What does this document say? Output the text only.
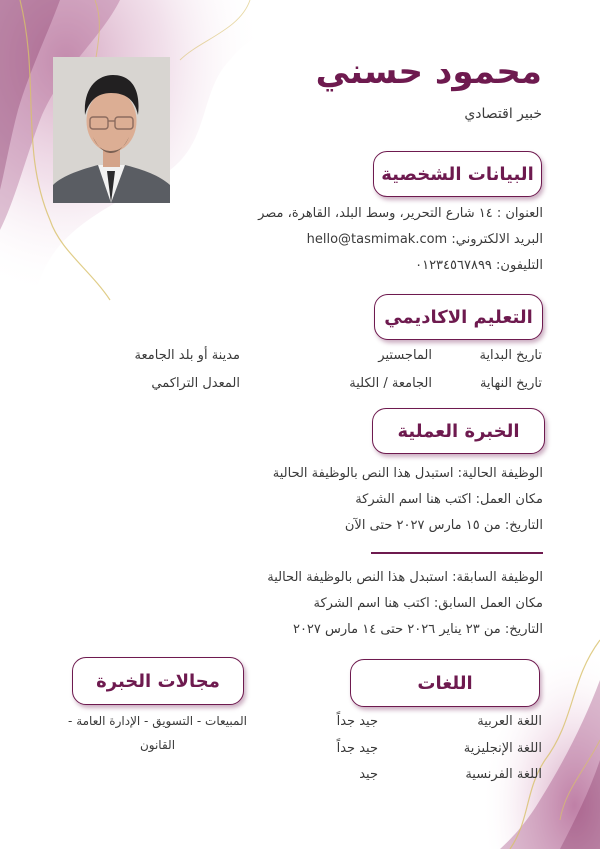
محمود حسني
خبير اقتصادي
البيانات الشخصية
العنوان : ١٤ شارع التحرير، وسط البلد، القاهرة، مصر
البريد الالكتروني: hello@tasmimak.com
التليفون: ٠١٢٣٤٥٦٧٨٩٩
التعليم الاكاديمي
تاريخ البداية
الماجستير
مدينة أو بلد الجامعة
تاريخ النهاية
الجامعة / الكلية
المعدل التراكمي
الخبرة العملية
الوظيفة الحالية: استبدل هذا النص بالوظيفة الحالية
مكان العمل: اكتب هنا اسم الشركة
التاريخ: من ١٥ مارس ٢٠٢٧ حتى الآن
الوظيفة السابقة: استبدل هذا النص بالوظيفة الحالية
مكان العمل السابق: اكتب هنا اسم الشركة
التاريخ: من ٢٣ يناير ٢٠٢٦ حتى ١٤ مارس ٢٠٢٧
اللغات
اللغة العربية
جيد جداً
اللغة الإنجليزية
جيد جداً
اللغة الفرنسية
جيد
مجالات الخبرة
المبيعات - التسويق - الإدارة العامة -
القانون
